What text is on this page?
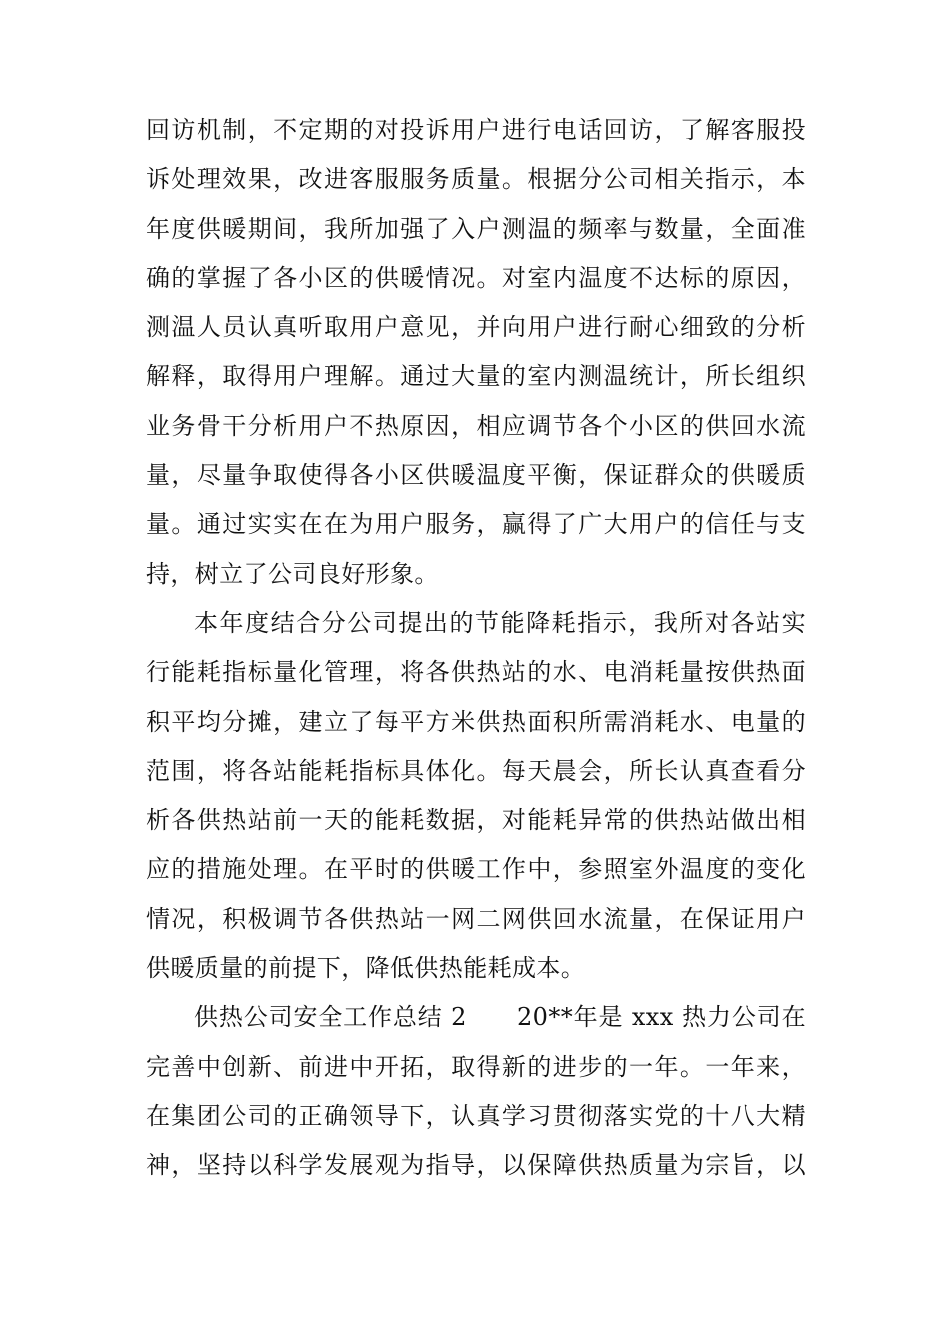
回访机制，不定期的对投诉用户进行电话回访，了解客服投
诉处理效果，改进客服服务质量。根据分公司相关指示，本
年度供暖期间，我所加强了入户测温的频率与数量，全面准
确的掌握了各小区的供暖情况。对室内温度不达标的原因，
测温人员认真听取用户意见，并向用户进行耐心细致的分析
解释，取得用户理解。通过大量的室内测温统计，所长组织
业务骨干分析用户不热原因，相应调节各个小区的供回水流
量，尽量争取使得各小区供暖温度平衡，保证群众的供暖质
量。通过实实在在为用户服务，赢得了广大用户的信任与支
持，树立了公司良好形象。
本年度结合分公司提出的节能降耗指示，我所对各站实
行能耗指标量化管理，将各供热站的水、电消耗量按供热面
积平均分摊，建立了每平方米供热面积所需消耗水、电量的
范围，将各站能耗指标具体化。每天晨会，所长认真查看分
析各供热站前一天的能耗数据，对能耗异常的供热站做出相
应的措施处理。在平时的供暖工作中，参照室外温度的变化
情况，积极调节各供热站一网二网供回水流量，在保证用户
供暖质量的前提下，降低供热能耗成本。
供热公司安全工作总结 2　　20**年是 xxx 热力公司在
完善中创新、前进中开拓，取得新的进步的一年。一年来，
在集团公司的正确领导下，认真学习贯彻落实党的十八大精
神，坚持以科学发展观为指导，以保障供热质量为宗旨，以
